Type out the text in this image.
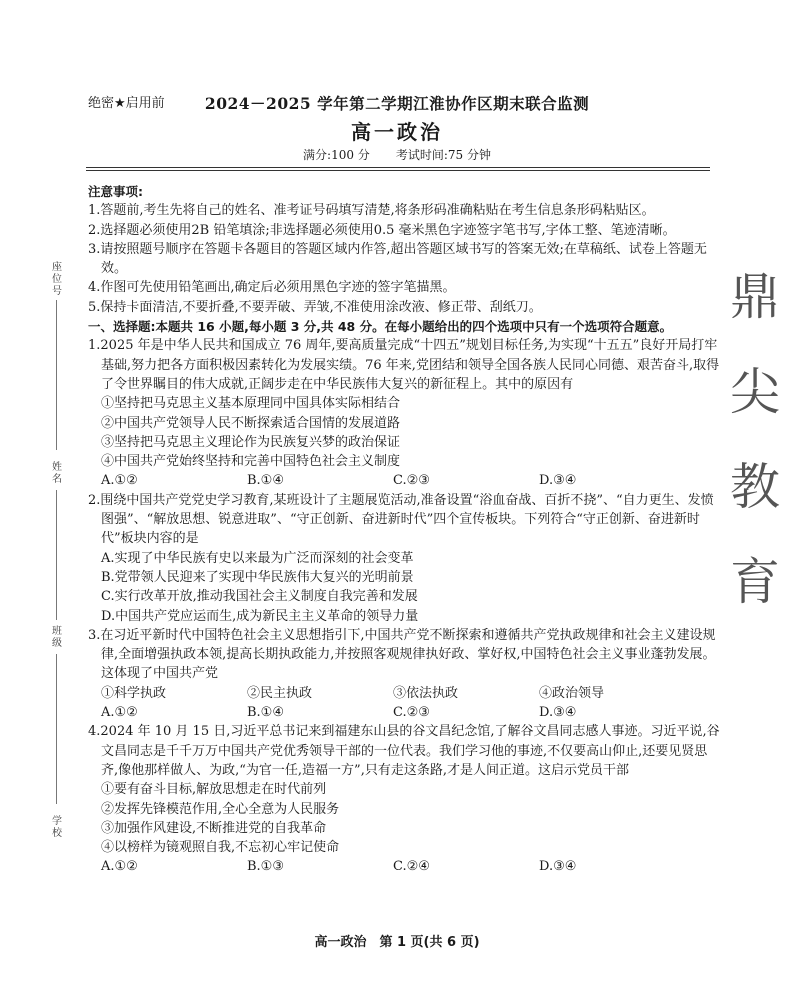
绝密★启用前	2024－2025 学年第二学期江淮协作区期末联合监测
高一政治
满分:100 分 考试时间:75 分钟
座位号
姓名
班级
学校
鼎
尖
教
育

注意事项:

1.答题前,考生先将自己的姓名、准考证号码填写清楚,将条形码准确粘贴在考生信息条形码粘贴区。

2.选择题必须使用2B 铅笔填涂;非选择题必须使用0.5 毫米黑色字迹签字笔书写,字体工整、笔迹清晰。

3.请按照题号顺序在答题卡各题目的答题区域内作答,超出答题区域书写的答案无效;在草稿纸、试卷上答题无效。

4.作图可先使用铅笔画出,确定后必须用黑色字迹的签字笔描黑。

5.保持卡面清洁,不要折叠,不要弄破、弄皱,不准使用涂改液、修正带、刮纸刀。

一、选择题:本题共 16 小题,每小题 3 分,共 48 分。在每小题给出的四个选项中只有一个选项符合题意。

1.2025 年是中华人民共和国成立 76 周年,要高质量完成“十四五”规划目标任务,为实现“十五五”良好开局打牢基础,努力把各方面积极因素转化为发展实绩。76 年来,党团结和领导全国各族人民同心同德、艰苦奋斗,取得了令世界瞩目的伟大成就,正阔步走在中华民族伟大复兴的新征程上。其中的原因有

①坚持把马克思主义基本原理同中国具体实际相结合

②中国共产党领导人民不断探索适合国情的发展道路

③坚持把马克思主义理论作为民族复兴梦的政治保证

④中国共产党始终坚持和完善中国特色社会主义制度

A.①②	B.①④	C.②③	D.③④

2.围绕中国共产党党史学习教育,某班设计了主题展览活动,准备设置“浴血奋战、百折不挠”、“自力更生、发愤图强”、“解放思想、锐意进取”、“守正创新、奋进新时代”四个宣传板块。下列符合“守正创新、奋进新时代”板块内容的是

A.实现了中华民族有史以来最为广泛而深刻的社会变革

B.党带领人民迎来了实现中华民族伟大复兴的光明前景

C.实行改革开放,推动我国社会主义制度自我完善和发展

D.中国共产党应运而生,成为新民主主义革命的领导力量

3.在习近平新时代中国特色社会主义思想指引下,中国共产党不断探索和遵循共产党执政规律和社会主义建设规律,全面增强执政本领,提高长期执政能力,并按照客观规律执好政、掌好权,中国特色社会主义事业蓬勃发展。这体现了中国共产党

①科学执政	②民主执政	③依法执政	④政治领导
A.①②	B.①④	C.②③	D.③④

4.2024 年 10 月 15 日,习近平总书记来到福建东山县的谷文昌纪念馆,了解谷文昌同志感人事迹。习近平说,谷文昌同志是千千万万中国共产党优秀领导干部的一位代表。我们学习他的事迹,不仅要高山仰止,还要见贤思齐,像他那样做人、为政,“为官一任,造福一方”,只有走这条路,才是人间正道。这启示党员干部

①要有奋斗目标,解放思想走在时代前列

②发挥先锋模范作用,全心全意为人民服务

③加强作风建设,不断推进党的自我革命

④以榜样为镜观照自我,不忘初心牢记使命

A.①②	B.①③	C.②④	D.③④
高一政治　第 1 页(共 6 页)
